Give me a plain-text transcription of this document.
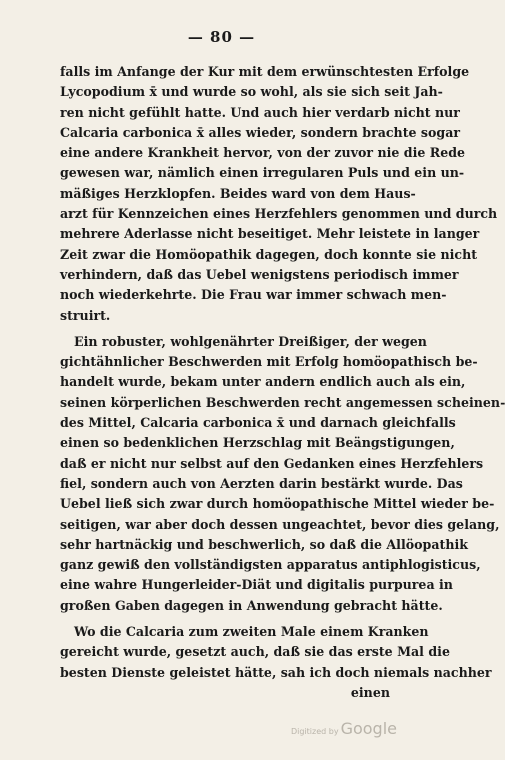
— 80 —
falls im Anfange der Kur mit dem erwünschtesten Erfolge
Lycopodium x̄ und wurde so wohl, als sie sich seit Jah-
ren nicht gefühlt hatte. Und auch hier verdarb nicht nur
Calcaria carbonica x̄ alles wieder, sondern brachte sogar
eine andere Krankheit hervor, von der zuvor nie die Rede
gewesen war, nämlich einen irregularen Puls und ein un-
mäßiges Herzklopfen. Beides ward von dem Haus-
arzt für Kennzeichen eines Herzfehlers genommen und durch
mehrere Aderlasse nicht beseitiget. Mehr leistete in langer
Zeit zwar die Homöopathik dagegen, doch konnte sie nicht
verhindern, daß das Uebel wenigstens periodisch immer
noch wiederkehrte. Die Frau war immer schwach men-
struirt.
Ein robuster, wohlgenährter Dreißiger, der wegen
gichtähnlicher Beschwerden mit Erfolg homöopathisch be-
handelt wurde, bekam unter andern endlich auch als ein,
seinen körperlichen Beschwerden recht angemessen scheinen-
des Mittel, Calcaria carbonica x̄ und darnach gleichfalls
einen so bedenklichen Herzschlag mit Beängstigungen,
daß er nicht nur selbst auf den Gedanken eines Herzfehlers
fiel, sondern auch von Aerzten darin bestärkt wurde. Das
Uebel ließ sich zwar durch homöopathische Mittel wieder be-
seitigen, war aber doch dessen ungeachtet, bevor dies gelang,
sehr hartnäckig und beschwerlich, so daß die Allöopathik
ganz gewiß den vollständigsten apparatus antiphlogisticus,
eine wahre Hungerleider-Diät und digitalis purpurea in
großen Gaben dagegen in Anwendung gebracht hätte.
Wo die Calcaria zum zweiten Male einem Kranken
gereicht wurde, gesetzt auch, daß sie das erste Mal die
besten Dienste geleistet hätte, sah ich doch niemals nachher
einen
Digitized by Google
